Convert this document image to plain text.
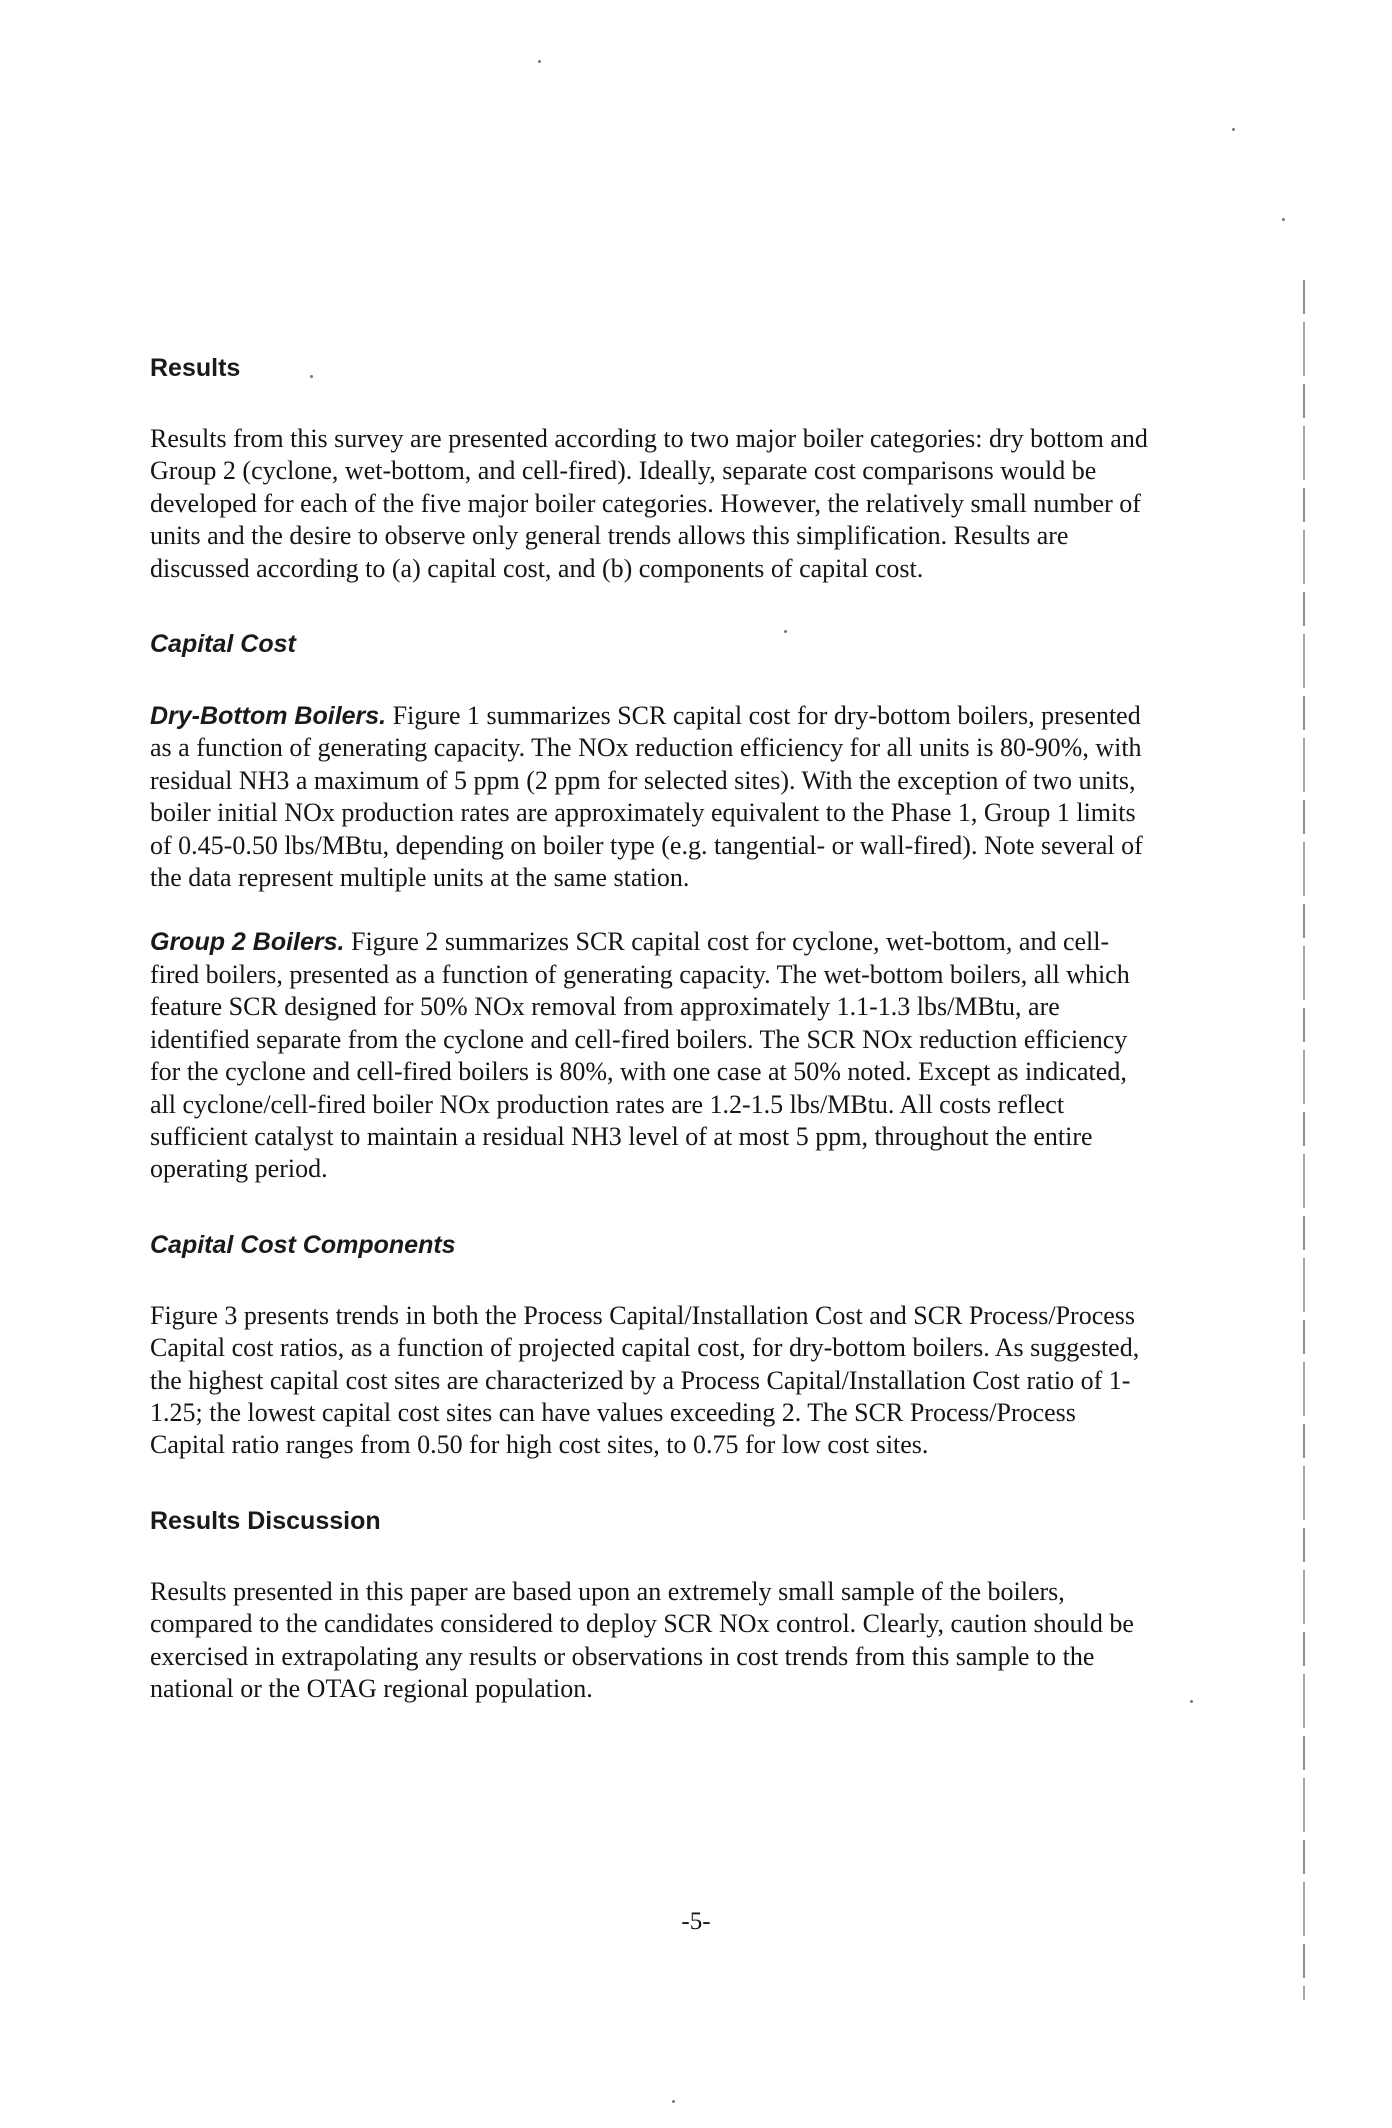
Results

Results from this survey are presented according to two major boiler categories: dry bottom and Group 2 (cyclone, wet-bottom, and cell-fired). Ideally, separate cost comparisons would be developed for each of the five major boiler categories. However, the relatively small number of units and the desire to observe only general trends allows this simplification. Results are discussed according to (a) capital cost, and (b) components of capital cost.

Capital Cost

Dry-Bottom Boilers. Figure 1 summarizes SCR capital cost for dry-bottom boilers, presented as a function of generating capacity. The NOx reduction efficiency for all units is 80-90%, with residual NH3 a maximum of 5 ppm (2 ppm for selected sites). With the exception of two units, boiler initial NOx production rates are approximately equivalent to the Phase 1, Group 1 limits of 0.45-0.50 lbs/MBtu, depending on boiler type (e.g. tangential- or wall-fired). Note several of the data represent multiple units at the same station.

Group 2 Boilers. Figure 2 summarizes SCR capital cost for cyclone, wet-bottom, and cell-fired boilers, presented as a function of generating capacity. The wet-bottom boilers, all which feature SCR designed for 50% NOx removal from approximately 1.1-1.3 lbs/MBtu, are identified separate from the cyclone and cell-fired boilers. The SCR NOx reduction efficiency for the cyclone and cell-fired boilers is 80%, with one case at 50% noted. Except as indicated, all cyclone/cell-fired boiler NOx production rates are 1.2-1.5 lbs/MBtu. All costs reflect sufficient catalyst to maintain a residual NH3 level of at most 5 ppm, throughout the entire operating period.

Capital Cost Components

Figure 3 presents trends in both the Process Capital/Installation Cost and SCR Process/Process Capital cost ratios, as a function of projected capital cost, for dry-bottom boilers. As suggested, the highest capital cost sites are characterized by a Process Capital/Installation Cost ratio of 1-1.25; the lowest capital cost sites can have values exceeding 2. The SCR Process/Process Capital ratio ranges from 0.50 for high cost sites, to 0.75 for low cost sites.

Results Discussion

Results presented in this paper are based upon an extremely small sample of the boilers, compared to the candidates considered to deploy SCR NOx control. Clearly, caution should be exercised in extrapolating any results or observations in cost trends from this sample to the national or the OTAG regional population.

-5-
